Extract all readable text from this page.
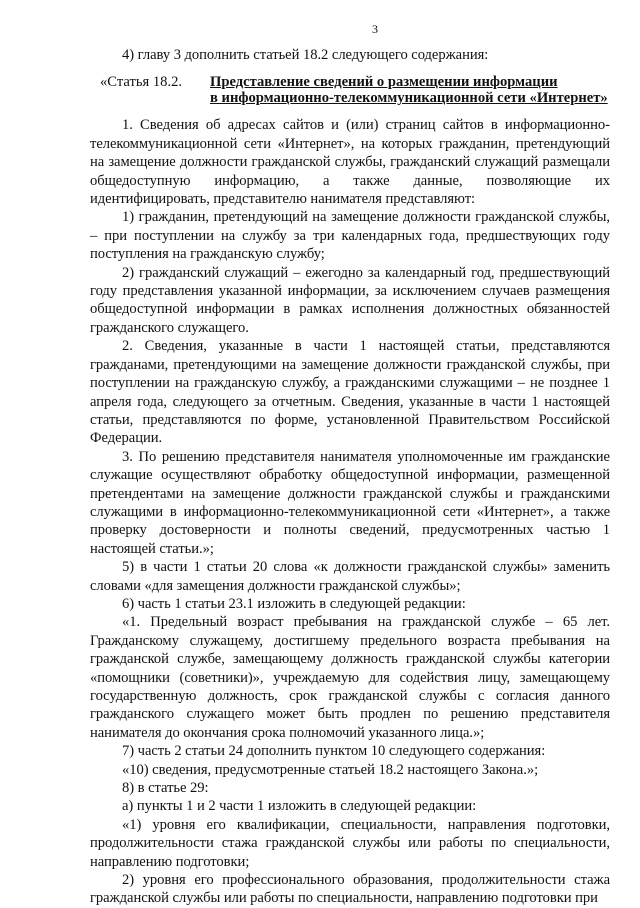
3

4) главу 3 дополнить статьей 18.2 следующего содержания:

«Статья 18.2.	Представление сведений о размещении информации
в информационно-телекоммуникационной сети «Интернет»

1. Сведения об адресах сайтов и (или) страниц сайтов в информационно-телекоммуникационной сети «Интернет», на которых гражданин, претендующий на замещение должности гражданской службы, гражданский служащий размещали общедоступную информацию, а также данные, позволяющие их идентифицировать, представителю нанимателя представляют:

1) гражданин, претендующий на замещение должности гражданской службы, – при поступлении на службу за три календарных года, предшествующих году поступления на гражданскую службу;

2) гражданский служащий – ежегодно за календарный год, предшествующий году представления указанной информации, за исключением случаев размещения общедоступной информации в рамках исполнения должностных обязанностей гражданского служащего.

2. Сведения, указанные в части 1 настоящей статьи, представляются гражданами, претендующими на замещение должности гражданской службы, при поступлении на гражданскую службу, а гражданскими служащими – не позднее 1 апреля года, следующего за отчетным. Сведения, указанные в части 1 настоящей статьи, представляются по форме, установленной Правительством Российской Федерации.

3. По решению представителя нанимателя уполномоченные им гражданские служащие осуществляют обработку общедоступной информации, размещенной претендентами на замещение должности гражданской службы и гражданскими служащими в информационно-телекоммуникационной сети «Интернет», а также проверку достоверности и полноты сведений, предусмотренных частью 1 настоящей статьи.»;

5) в части 1 статьи 20 слова «к должности гражданской службы» заменить словами «для замещения должности гражданской службы»;

6) часть 1 статьи 23.1 изложить в следующей редакции:

«1. Предельный возраст пребывания на гражданской службе – 65 лет. Гражданскому служащему, достигшему предельного возраста пребывания на гражданской службе, замещающему должность гражданской службы категории «помощники (советники)», учреждаемую для содействия лицу, замещающему государственную должность, срок гражданской службы с согласия данного гражданского служащего может быть продлен по решению представителя нанимателя до окончания срока полномочий указанного лица.»;

7) часть 2 статьи 24 дополнить пунктом 10 следующего содержания:

«10) сведения, предусмотренные статьей 18.2 настоящего Закона.»;

8) в статье 29:

а) пункты 1 и 2 части 1 изложить в следующей редакции:

«1) уровня его квалификации, специальности, направления подготовки, продолжительности стажа гражданской службы или работы по специальности, направлению подготовки;

2) уровня его профессионального образования, продолжительности стажа гражданской службы или работы по специальности, направлению подготовки при
